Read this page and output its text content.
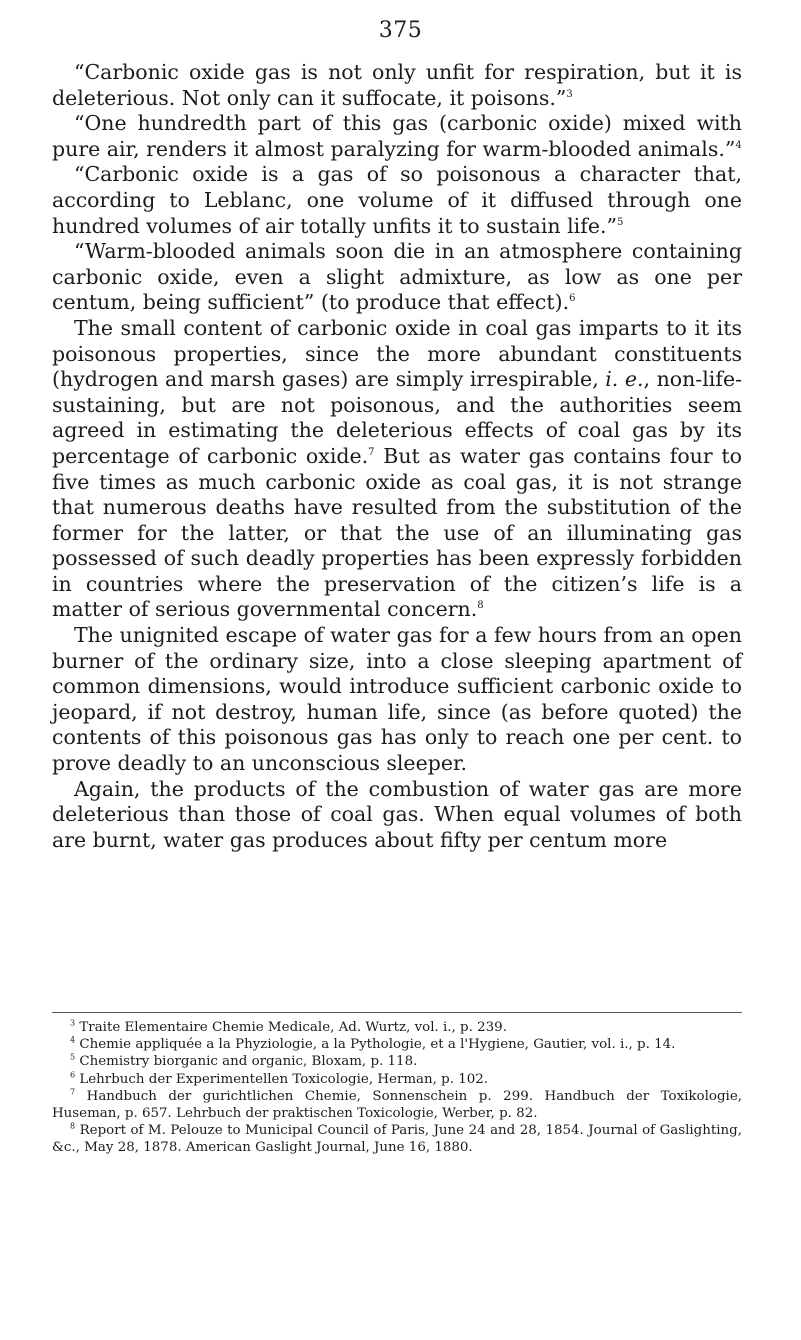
375

“Carbonic oxide gas is not only unfit for respiration, but it is deleterious. Not only can it suffocate, it poisons.”$^3$

“One hundredth part of this gas (carbonic oxide) mixed with pure air, renders it almost paralyzing for warm-blooded animals.”$^4$

“Carbonic oxide is a gas of so poisonous a character that, according to Leblanc, one volume of it diffused through one hundred volumes of air totally unfits it to sustain life.”$^5$

“Warm-blooded animals soon die in an atmosphere containing carbonic oxide, even a slight admixture, as low as one per centum, being sufficient” (to produce that effect).$^6$

The small content of carbonic oxide in coal gas imparts to it its poisonous properties, since the more abundant constituents (hydrogen and marsh gases) are simply irrespirable, i. e., non-life-sustaining, but are not poisonous, and the authorities seem agreed in estimating the deleterious effects of coal gas by its percentage of carbonic oxide.$^7$ But as water gas contains four to five times as much carbonic oxide as coal gas, it is not strange that numerous deaths have resulted from the substitution of the former for the latter, or that the use of an illuminating gas possessed of such deadly properties has been expressly forbidden in countries where the preservation of the citizen’s life is a matter of serious governmental concern.$^8$

The unignited escape of water gas for a few hours from an open burner of the ordinary size, into a close sleeping apartment of common dimensions, would introduce sufficient carbonic oxide to jeopard, if not destroy, human life, since (as before quoted) the contents of this poisonous gas has only to reach one per cent. to prove deadly to an unconscious sleeper.

Again, the products of the combustion of water gas are more deleterious than those of coal gas. When equal volumes of both are burnt, water gas produces about fifty per centum more

$^3$ Traite Elementaire Chemie Medicale, Ad. Wurtz, vol. i., p. 239.

$^4$ Chemie appliquée a la Phyziologie, a la Pythologie, et a l'Hygiene, Gautier, vol. i., p. 14.

$^5$ Chemistry biorganic and organic, Bloxam, p. 118.

$^6$ Lehrbuch der Experimentellen Toxicologie, Herman, p. 102.

$^7$ Handbuch der gurichtlichen Chemie, Sonnenschein p. 299. Handbuch der Toxikologie, Huseman, p. 657. Lehrbuch der praktischen Toxicologie, Werber, p. 82.

$^8$ Report of M. Pelouze to Municipal Council of Paris, June 24 and 28, 1854. Journal of Gaslighting, &c., May 28, 1878. American Gaslight Journal, June 16, 1880.
